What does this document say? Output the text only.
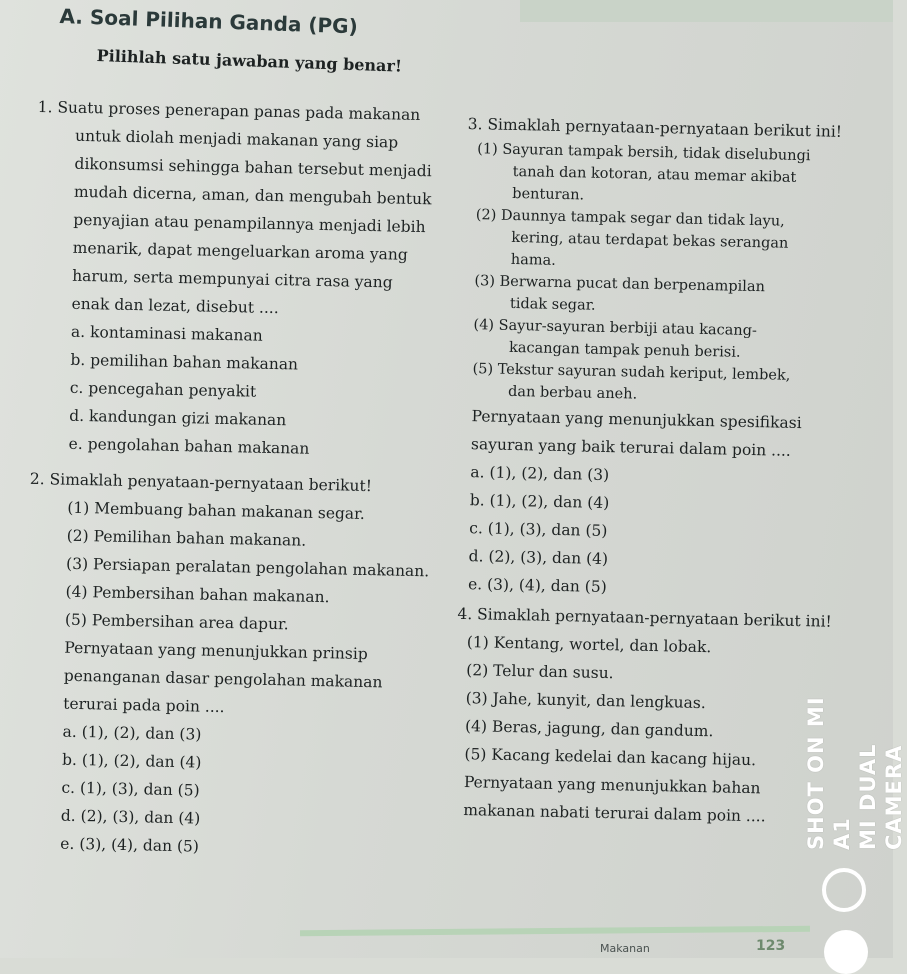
A. Soal Pilihan Ganda (PG)
Pilihlah satu jawaban yang benar!
1. Suatu proses penerapan panas pada makanan
untuk diolah menjadi makanan yang siap
dikonsumsi sehingga bahan tersebut menjadi
mudah dicerna, aman, dan mengubah bentuk
penyajian atau penampilannya menjadi lebih
menarik, dapat mengeluarkan aroma yang
harum, serta mempunyai citra rasa yang
enak dan lezat, disebut ....
a. kontaminasi makanan
b. pemilihan bahan makanan
c. pencegahan penyakit
d. kandungan gizi makanan
e. pengolahan bahan makanan
2. Simaklah penyataan-pernyataan berikut!
(1) Membuang bahan makanan segar.
(2) Pemilihan bahan makanan.
(3) Persiapan peralatan pengolahan makanan.
(4) Pembersihan bahan makanan.
(5) Pembersihan area dapur.
Pernyataan yang menunjukkan prinsip
penanganan dasar pengolahan makanan
terurai pada poin ....
a. (1), (2), dan (3)
b. (1), (2), dan (4)
c. (1), (3), dan (5)
d. (2), (3), dan (4)
e. (3), (4), dan (5)
3. Simaklah pernyataan-pernyataan berikut ini!
(1) Sayuran tampak bersih, tidak diselubungi
tanah dan kotoran, atau memar akibat
benturan.
(2) Daunnya tampak segar dan tidak layu,
kering, atau terdapat bekas serangan
hama.
(3) Berwarna pucat dan berpenampilan
tidak segar.
(4) Sayur-sayuran berbiji atau kacang-
kacangan tampak penuh berisi.
(5) Tekstur sayuran sudah keriput, lembek,
dan berbau aneh.
Pernyataan yang menunjukkan spesifikasi
sayuran yang baik terurai dalam poin ....
a. (1), (2), dan (3)
b. (1), (2), dan (4)
c. (1), (3), dan (5)
d. (2), (3), dan (4)
e. (3), (4), dan (5)
4. Simaklah pernyataan-pernyataan berikut ini!
(1) Kentang, wortel, dan lobak.
(2) Telur dan susu.
(3) Jahe, kunyit, dan lengkuas.
(4) Beras, jagung, dan gandum.
(5) Kacang kedelai dan kacang hijau.
Pernyataan yang menunjukkan bahan
makanan nabati terurai dalam poin ....	SHOT ON MI A1 MI DUAL CAMERA
Makanan	123
